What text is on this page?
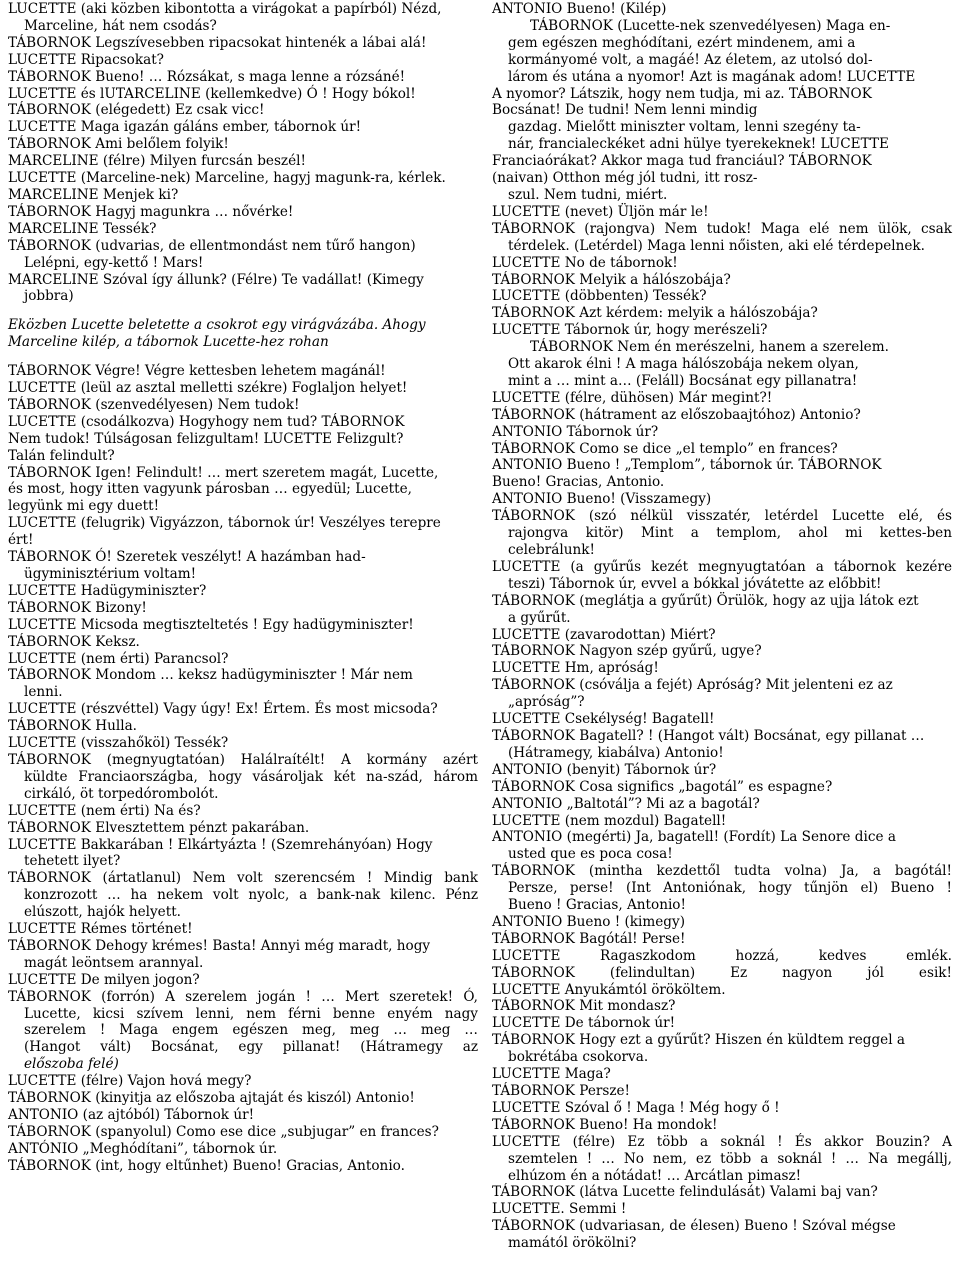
LUCETTE (aki közben kibontotta a virágokat a papírból) Nézd,
Marceline, hát nem csodás?
TÁBORNOK Legszívesebben ripacsokat hintenék a lábai alá!
LUCETTE Ripacsokat?
TÁBORNOK Bueno! … Rózsákat, s maga lenne a rózsáné!
LUCETTE és lUTARCELINE (kellemkedve) Ó ! Hogy bókol!
TÁBORNOK (elégedett) Ez csak vicc!
LUCETTE Maga igazán gáláns ember, tábornok úr!
TÁBORNOK Ami belőlem folyik!
MARCELINE (félre) Milyen furcsán beszél!
LUCETTE (Marceline-nek) Marceline, hagyj magunk-ra, kérlek.
MARCELINE Menjek ki?
TÁBORNOK Hagyj magunkra … nővérke!
MARCELINE Tessék?
TÁBORNOK (udvarias, de ellentmondást nem tűrő hangon)
Lelépni, egy-kettő ! Mars!
MARCELINE Szóval így állunk? (Félre) Te vadállat! (Kimegy
jobbra)
Eközben Lucette beletette a csokrot egy virágvázába. Ahogy
Marceline kilép, a tábornok Lucette-hez rohan
TÁBORNOK Végre! Végre kettesben lehetem magánál!
LUCETTE (leül az asztal melletti székre) Foglaljon helyet!
TÁBORNOK (szenvedélyesen) Nem tudok!
LUCETTE (csodálkozva) Hogyhogy nem tud? TÁBORNOK
Nem tudok! Túlságosan felizgultam! LUCETTE Felizgult?
Talán felindult?
TÁBORNOK Igen! Felindult! … mert szeretem magát, Lucette,
és most, hogy itten vagyunk párosban … egyedül; Lucette,
legyünk mi egy duett!
LUCETTE (felugrik) Vigyázzon, tábornok úr! Veszélyes terepre
ért!
TÁBORNOK Ó! Szeretek veszélyt! A hazámban had-
ügyminisztérium voltam!
LUCETTE Hadügyminiszter?
TÁBORNOK Bizony!
LUCETTE Micsoda megtiszteltetés ! Egy hadügyminiszter!
TÁBORNOK Keksz.
LUCETTE (nem érti) Parancsol?
TÁBORNOK Mondom … keksz hadügyminiszter ! Már nem
lenni.
LUCETTE (részvéttel) Vagy úgy! Ex! Értem. És most micsoda?
TÁBORNOK Hulla.
LUCETTE (visszahőköl) Tessék?
TÁBORNOK (megnyugtatóan) Halálraítélt! A kormány azért
küldte Franciaországba, hogy vásároljak két na-szád, három
cirkáló, öt torpedórombolót.
LUCETTE (nem érti) Na és?
TÁBORNOK Elvesztettem pénzt pakarában.
LUCETTE Bakkarában ! Elkártyázta ! (Szemrehányóan) Hogy
tehetett ilyet?
TÁBORNOK (ártatlanul) Nem volt szerencsém ! Mindig bank
konzrozott … ha nekem volt nyolc, a bank-nak kilenc. Pénz
elúszott, hajók helyett.
LUCETTE Rémes történet!
TÁBORNOK Dehogy krémes! Basta! Annyi még maradt, hogy
magát leöntsem arannyal.
LUCETTE De milyen jogon?
TÁBORNOK (forrón) A szerelem jogán ! … Mert szeretek! Ó,
Lucette, kicsi szívem lenni, nem férni benne enyém nagy
szerelem ! Maga engem egészen meg, meg … meg …
(Hangot vált) Bocsánat, egy pillanat! (Hátramegy az
előszoba felé)
LUCETTE (félre) Vajon hová megy?
TÁBORNOK (kinyitja az előszoba ajtaját és kiszól) Antonio!
ANTONIO (az ajtóból) Tábornok úr!
TÁBORNOK (spanyolul) Como ese dice „subjugar” en frances?
ANTÓNIO „Meghódítani”, tábornok úr.
TÁBORNOK (int, hogy eltűnhet) Bueno! Gracias, Antonio.
ANTONIO Bueno! (Kilép)
TÁBORNOK (Lucette-nek szenvedélyesen) Maga en-
gem egészen meghódítani, ezért mindenem, ami a
kormányomé volt, a magáé! Az életem, az utolsó dol-
lárom és utána a nyomor! Azt is magának adom! LUCETTE
A nyomor? Látszik, hogy nem tudja, mi az. TÁBORNOK
Bocsánat! De tudni! Nem lenni mindig
gazdag. Mielőtt miniszter voltam, lenni szegény ta-
nár, francialeckéket adni hülye tyerekeknek! LUCETTE
Franciaórákat? Akkor maga tud franciául? TÁBORNOK
(naivan) Otthon még jól tudni, itt rosz-
szul. Nem tudni, miért.
LUCETTE (nevet) Üljön már le!
TÁBORNOK (rajongva) Nem tudok! Maga elé nem ülök, csak
térdelek. (Letérdel) Maga lenni nőisten, aki elé térdepelnek.
LUCETTE No de tábornok!
TÁBORNOK Melyik a hálószobája?
LUCETTE (döbbenten) Tessék?
TÁBORNOK Azt kérdem: melyik a hálószobája?
LUCETTE Tábornok úr, hogy merészeli?
TÁBORNOK Nem én merészelni, hanem a szerelem.
Ott akarok élni ! A maga hálószobája nekem olyan,
mint a … mint a… (Feláll) Bocsánat egy pillanatra!
LUCETTE (félre, dühösen) Már megint?!
TÁBORNOK (hátrament az előszobaajtóhoz) Antonio?
ANTONIO Tábornok úr?
TÁBORNOK Como se dice „el templo” en frances?
ANTONIO Bueno ! „Templom”, tábornok úr. TÁBORNOK
Bueno! Gracias, Antonio.
ANTONIO Bueno! (Visszamegy)
TÁBORNOK (szó nélkül visszatér, letérdel Lucette elé, és
rajongva kitör) Mint a templom, ahol mi kettes-ben
celebrálunk!
LUCETTE (a gyűrűs kezét megnyugtatóan a tábornok kezére
teszi) Tábornok úr, evvel a bókkal jóvátette az előbbit!
TÁBORNOK (meglátja a gyűrűt) Örülök, hogy az ujja látok ezt
a gyűrűt.
LUCETTE (zavarodottan) Miért?
TÁBORNOK Nagyon szép gyűrű, ugye?
LUCETTE Hm, apróság!
TÁBORNOK (csóválja a fejét) Apróság? Mit jelenteni ez az
„apróság”?
LUCETTE Csekélység! Bagatell!
TÁBORNOK Bagatell? ! (Hangot vált) Bocsánat, egy pillanat …
(Hátramegy, kiabálva) Antonio!
ANTONIO (benyit) Tábornok úr?
TÁBORNOK Cosa significs „bagotál” es espagne?
ANTONIO „Baltotál”? Mi az a bagotál?
LUCETTE (nem mozdul) Bagatell!
ANTONIO (megérti) Ja, bagatell! (Fordít) La Senore dice a
usted que es poca cosa!
TÁBORNOK (mintha kezdettől tudta volna) Ja, a bagótál!
Persze, perse! (Int Antoniónak, hogy tűnjön el) Bueno !
Bueno ! Gracias, Antonio!
ANTONIO Bueno ! (kimegy)
TÁBORNOK Bagótál! Perse!
LUCETTE Ragaszkodom hozzá, kedves emlék.
TÁBORNOK (felindultan) Ez nagyon jól esik!
LUCETTE Anyukámtól örököltem.
TÁBORNOK Mit mondasz?
LUCETTE De tábornok úr!
TÁBORNOK Hogy ezt a gyűrűt? Hiszen én küldtem reggel a
bokrétába csokorva.
LUCETTE Maga?
TÁBORNOK Persze!
LUCETTE Szóval ő ! Maga ! Még hogy ő !
TÁBORNOK Bueno! Ha mondok!
LUCETTE (félre) Ez több a soknál ! És akkor Bouzin? A
szemtelen ! … No nem, ez több a soknál ! … Na megállj,
elhúzom én a nótádat! … Arcátlan pimasz!
TÁBORNOK (látva Lucette felindulását) Valami baj van?
LUCETTE. Semmi !
TÁBORNOK (udvariasan, de élesen) Bueno ! Szóval mégse
mamától örökölni?
